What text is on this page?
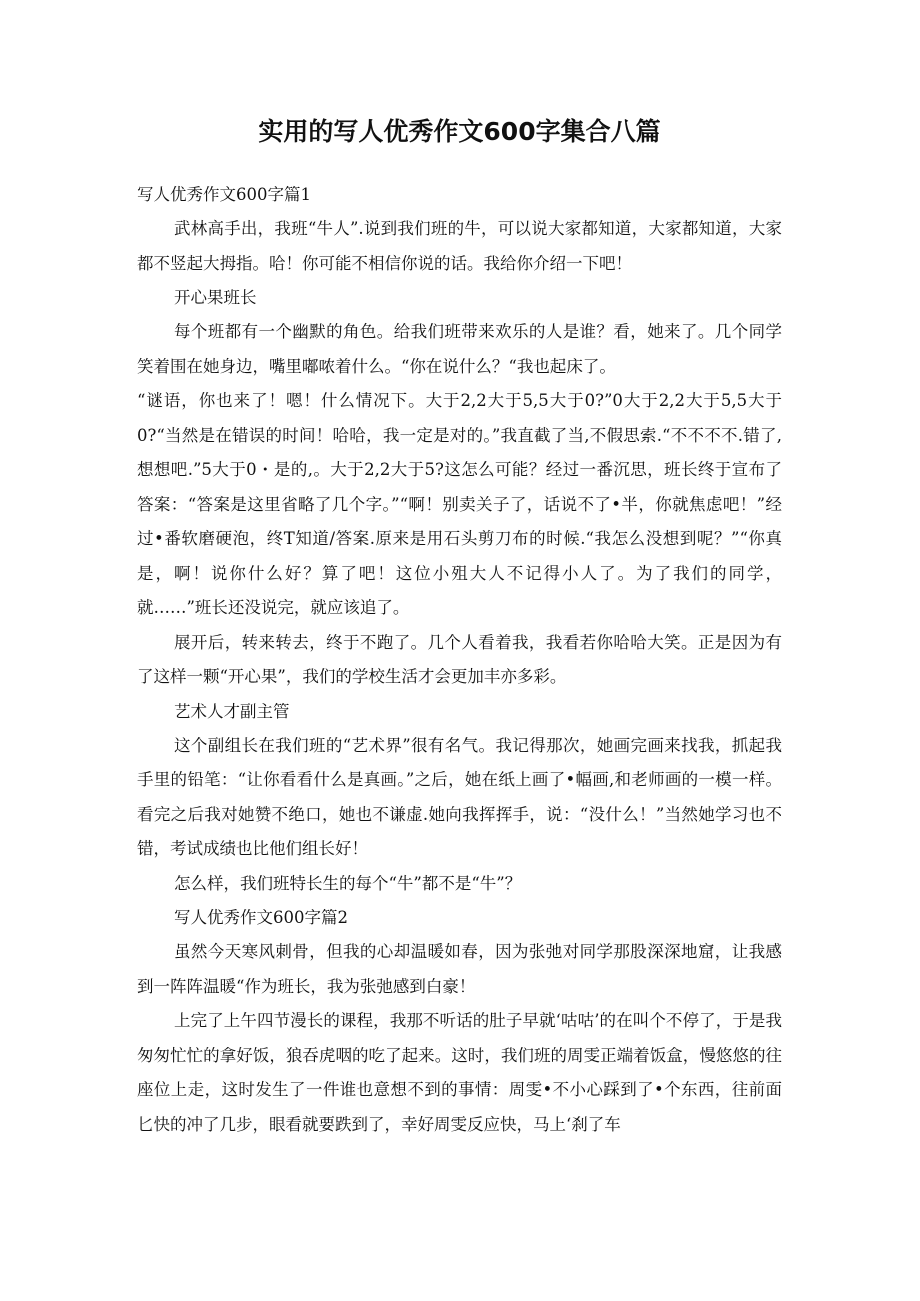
实用的写人优秀作文600字集合八篇
写人优秀作文600字篇1

武林高手出，我班“牛人”.说到我们班的牛，可以说大家都知道，大家都知道，大家都不竖起大拇指。哈！你可能不相信你说的话。我给你介绍一下吧！

开心果班长

每个班都有一个幽默的角色。给我们班带来欢乐的人是谁？看，她来了。几个同学笑着围在她身边，嘴里嘟哝着什么。“你在说什么？“我也起床了。

“谜语，你也来了！嗯！什么情况下。大于2,2大于5,5大于0?”0大于2,2大于5,5大于0?“当然是在错误的时间！哈哈，我一定是对的。”我直截了当,不假思索.“不不不不.错了,想想吧.”5大于0・是的,。大于2,2大于5?这怎么可能？经过一番沉思，班长终于宣布了答案：“答案是这里省略了几个字。”“啊！别卖关子了，话说不了•半，你就焦虑吧！”经过•番软磨硬泡，终T知道/答案.原来是用石头剪刀布的时候.“我怎么没想到呢？”“你真是，啊！说你什么好？算了吧！这位小殂大人不记得小人了。为了我们的同学，就……”班长还没说完，就应该追了。

展开后，转来转去，终于不跑了。几个人看着我，我看若你哈哈大笑。正是因为有了这样一颗“开心果”，我们的学校生活才会更加丰亦多彩。

艺术人才副主管

这个副组长在我们班的“艺术界”很有名气。我记得那次，她画完画来找我，抓起我手里的铅笔：“让你看看什么是真画。”之后，她在纸上画了•幅画,和老师画的一模一样。看完之后我对她赞不绝口，她也不谦虚.她向我挥挥手，说：“没什么！”当然她学习也不错，考试成绩也比他们组长好！

怎么样，我们班特长生的每个“牛”都不是“牛”？

写人优秀作文600字篇2

虽然今天寒风刺骨，但我的心却温暖如春，因为张弛对同学那股深深地窟，让我感到一阵阵温暖“作为班长，我为张弛感到白豪！

上完了上午四节漫长的课程，我那不听话的肚子早就‘咕咕’的在叫个不停了，于是我匆匆忙忙的拿好饭，狼吞虎咽的吃了起来。这时，我们班的周雯正端着饭盒，慢悠悠的往座位上走，这时发生了一件谁也意想不到的事情：周雯•不小心踩到了•个东西，往前面匕快的冲了几步，眼看就要跌到了，幸好周雯反应快，马上‘刹了车
